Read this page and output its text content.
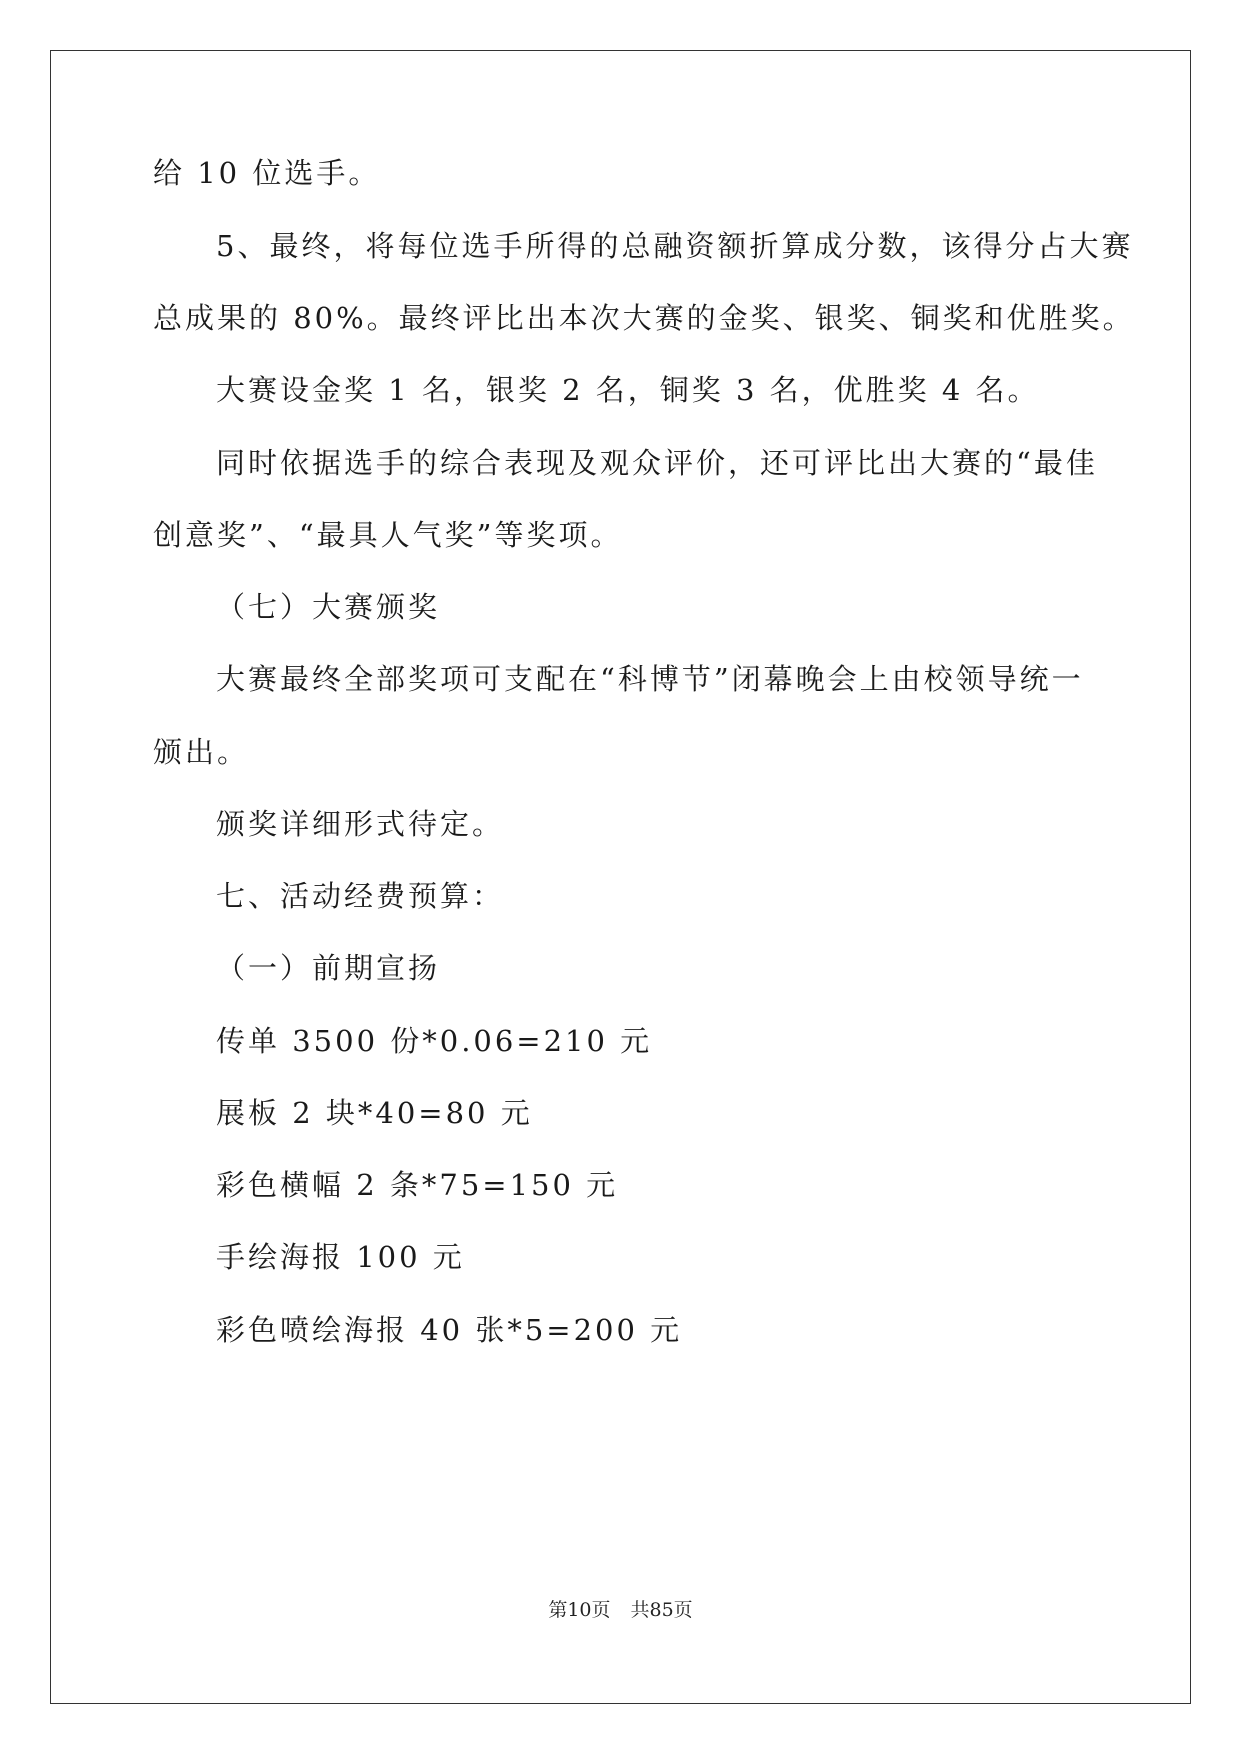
给 10 位选手。
5、最终，将每位选手所得的总融资额折算成分数，该得分占大赛
总成果的 80%。最终评比出本次大赛的金奖、银奖、铜奖和优胜奖。
大赛设金奖 1 名，银奖 2 名，铜奖 3 名，优胜奖 4 名。
同时依据选手的综合表现及观众评价，还可评比出大赛的“最佳
创意奖”、“最具人气奖”等奖项。
（七）大赛颁奖
大赛最终全部奖项可支配在“科博节”闭幕晚会上由校领导统一
颁出。
颁奖详细形式待定。
七、活动经费预算：
（一）前期宣扬
传单 3500 份*0.06=210 元
展板 2 块*40=80 元
彩色横幅 2 条*75=150 元
手绘海报 100 元
彩色喷绘海报 40 张*5=200 元
第10页 共85页
